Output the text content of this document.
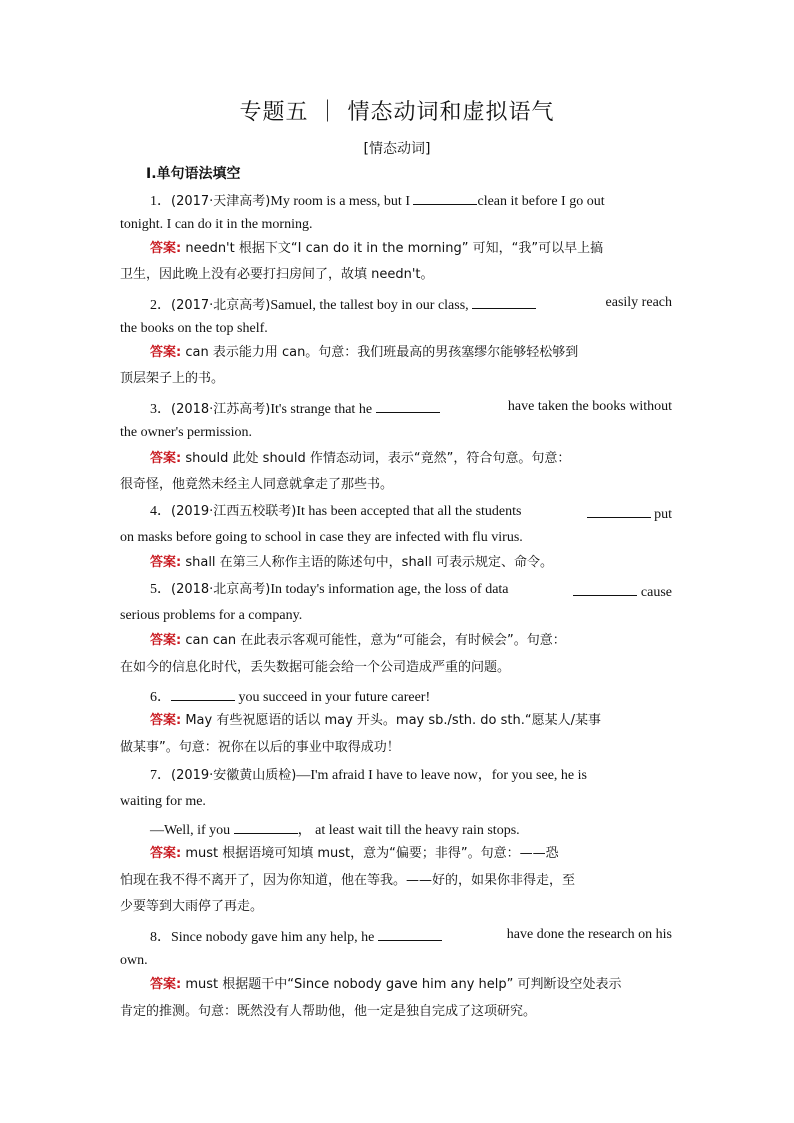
专题五 ｜ 情态动词和虚拟语气
[情态动词]
Ⅰ.单句语法填空
1．(2017·天津高考)My room is a mess, but I	clean it before I go out
tonight. I can do it in the morning.
答案: needn't 根据下文“I can do it in the morning” 可知，“我”可以早上搞
卫生，因此晚上没有必要打扫房间了，故填 needn't。
2．(2017·北京高考)Samuel, the tallest boy in our class,	easily reach
the books on the top shelf.
答案: can 表示能力用 can。句意：我们班最高的男孩塞缪尔能够轻松够到
顶层架子上的书。
3．(2018·江苏高考)It's strange that he	have taken the books without
the owner's permission.
答案: should 此处 should 作情态动词，表示“竟然”，符合句意。句意：
很奇怪，他竟然未经主人同意就拿走了那些书。
4．(2019·江西五校联考)It has been accepted that all the students	put
on masks before going to school in case they are infected with flu virus.
答案: shall 在第三人称作主语的陈述句中，shall 可表示规定、命令。
5．(2018·北京高考)In today's information age, the loss of data	cause
serious problems for a company.
答案: can can 在此表示客观可能性，意为“可能会，有时候会”。句意：
在如今的信息化时代，丢失数据可能会给一个公司造成严重的问题。
6．	you succeed in your future career!
答案: May 有些祝愿语的话以 may 开头。may sb./sth. do sth.“愿某人/某事
做某事”。句意：祝你在以后的事业中取得成功！
7．(2019·安徽黄山质检)—I'm afraid I have to leave now，for you see, he is
waiting for me.
—Well, if you	， at least wait till the heavy rain stops.
答案: must 根据语境可知填 must，意为“偏要；非得”。句意：——恐
怕现在我不得不离开了，因为你知道，他在等我。——好的，如果你非得走，至
少要等到大雨停了再走。
8．Since nobody gave him any help, he	have done the research on his
own.
答案: must 根据题干中“Since nobody gave him any help” 可判断设空处表示
肯定的推测。句意：既然没有人帮助他，他一定是独自完成了这项研究。
